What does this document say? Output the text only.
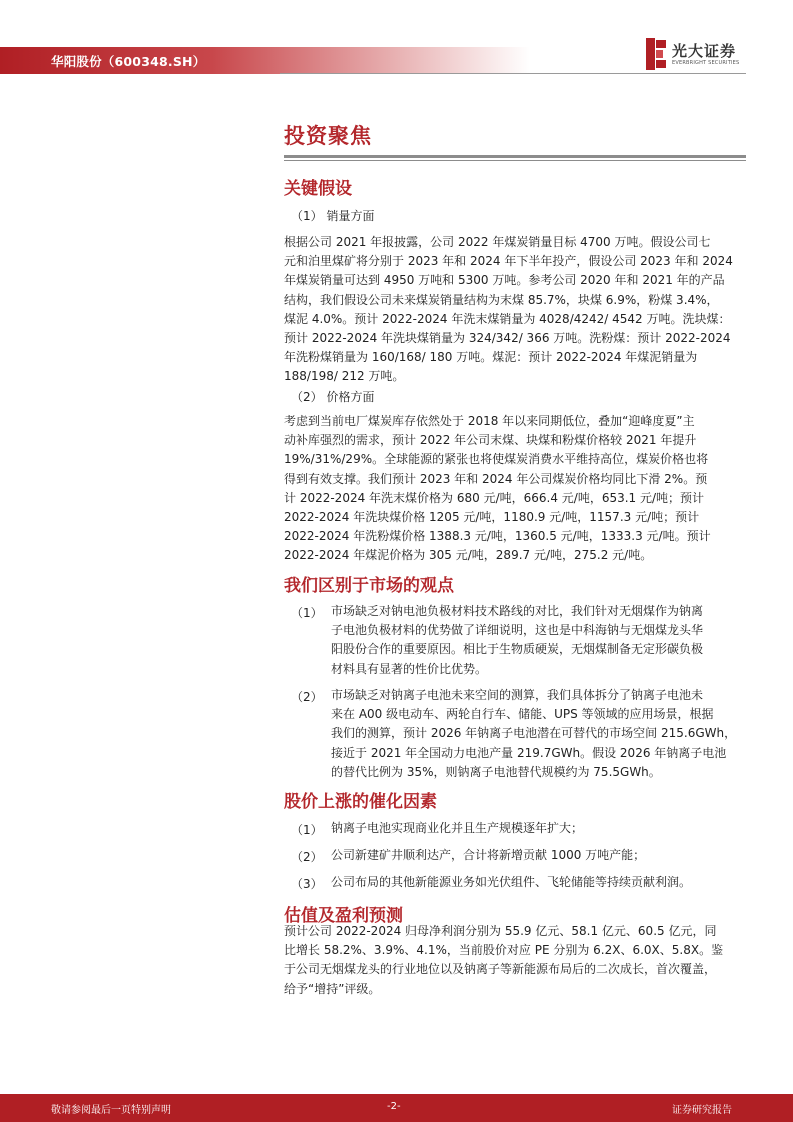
华阳股份（600348.SH）
光大证券
EVERBRIGHT SECURITIES
投资聚焦
关键假设
（1） 销量方面
根据公司 2021 年报披露，公司 2022 年煤炭销量目标 4700 万吨。假设公司七
元和泊里煤矿将分别于 2023 年和 2024 年下半年投产，假设公司 2023 年和 2024
年煤炭销量可达到 4950 万吨和 5300 万吨。参考公司 2020 年和 2021 年的产品
结构，我们假设公司未来煤炭销量结构为末煤 85.7%，块煤 6.9%，粉煤 3.4%，
煤泥 4.0%。预计 2022-2024 年洗末煤销量为 4028/4242/ 4542 万吨。洗块煤：
预计 2022-2024 年洗块煤销量为 324/342/ 366 万吨。洗粉煤：预计 2022-2024
年洗粉煤销量为 160/168/ 180 万吨。煤泥：预计 2022-2024 年煤泥销量为
188/198/ 212 万吨。
（2） 价格方面
考虑到当前电厂煤炭库存依然处于 2018 年以来同期低位，叠加“迎峰度夏”主
动补库强烈的需求，预计 2022 年公司末煤、块煤和粉煤价格较 2021 年提升
19%/31%/29%。全球能源的紧张也将使煤炭消费水平维持高位，煤炭价格也将
得到有效支撑。我们预计 2023 年和 2024 年公司煤炭价格均同比下滑 2%。预
计 2022-2024 年洗末煤价格为 680 元/吨，666.4 元/吨，653.1 元/吨；预计
2022-2024 年洗块煤价格 1205 元/吨，1180.9 元/吨，1157.3 元/吨；预计
2022-2024 年洗粉煤价格 1388.3 元/吨，1360.5 元/吨，1333.3 元/吨。预计
2022-2024 年煤泥价格为 305 元/吨，289.7 元/吨，275.2 元/吨。
我们区别于市场的观点
（1） 市场缺乏对钠电池负极材料技术路线的对比，我们针对无烟煤作为钠离
子电池负极材料的优势做了详细说明，这也是中科海钠与无烟煤龙头华
阳股份合作的重要原因。相比于生物质硬炭，无烟煤制备无定形碳负极
材料具有显著的性价比优势。
（2） 市场缺乏对钠离子电池未来空间的测算，我们具体拆分了钠离子电池未
来在 A00 级电动车、两轮自行车、储能、UPS 等领域的应用场景，根据
我们的测算，预计 2026 年钠离子电池潜在可替代的市场空间 215.6GWh，
接近于 2021 年全国动力电池产量 219.7GWh。假设 2026 年钠离子电池
的替代比例为 35%，则钠离子电池替代规模约为 75.5GWh。
股价上涨的催化因素
（1） 钠离子电池实现商业化并且生产规模逐年扩大；
（2） 公司新建矿井顺利达产，合计将新增贡献 1000 万吨产能；
（3） 公司布局的其他新能源业务如光伏组件、飞轮储能等持续贡献利润。
估值及盈利预测
预计公司 2022-2024 归母净利润分别为 55.9 亿元、58.1 亿元、60.5 亿元，同
比增长 58.2%、3.9%、4.1%，当前股价对应 PE 分别为 6.2X、6.0X、5.8X。鉴
于公司无烟煤龙头的行业地位以及钠离子等新能源布局后的二次成长，首次覆盖，
给予“增持”评级。
敬请参阅最后一页特别声明	-2-	证券研究报告
